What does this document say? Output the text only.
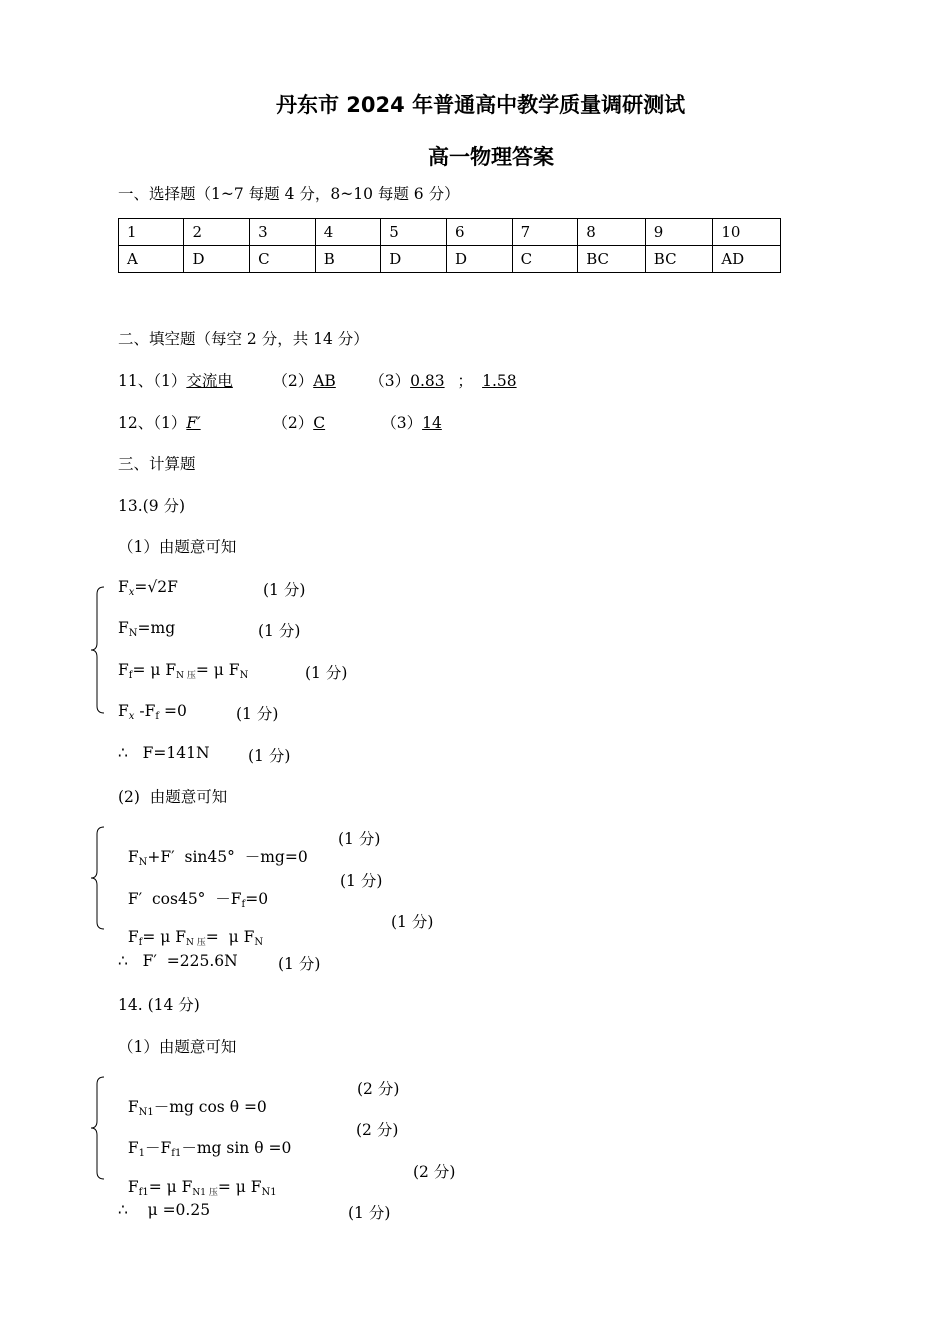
丹东市 2024 年普通高中教学质量调研测试
高一物理答案
一、选择题（1~7 每题 4 分，8~10 每题 6 分）
1	2	3	4	5	6	7	8	9	10
A	D	C	B	D	D	C	BC	BC	AD
二、填空题（每空 2 分，共 14 分）
11、（1）交流电	（2）AB （3）0.83 ； 1.58
12、（1）F′	（2）C	（3）14
三、计算题
13.(9 分)
（1）由题意可知
$F_x=√2F$	(1 分)
$F_N=mg$	(1 分)
$F_f= \mu$ $F_{N 压}= \mu$ $F_N$	(1 分)
$F_x$ $-F_f =0$	(1 分)
∴   F=141N (1 分)
(2)  由题意可知

$F_N+F'$  sin45°  －mg=0

(1 分)

F′  $\cos 45^\circ -F_f=0$

(1 分)

$F_f= \mu$ $F_{N 压}= \mu$ $F_N$

(1 分)
∴   F′  =225.6N	(1 分)
14. (14 分)
（1）由题意可知

$F_{N1}-mg$ cos θ =0

(2 分)

$F_1-F_{f1}-mg$ sin θ =0

(2 分)

$F_{f1}= \mu$ $F_{N1 压}= \mu$ $F_{N1}$

(2 分)
∴    μ =0.25	(1 分)
